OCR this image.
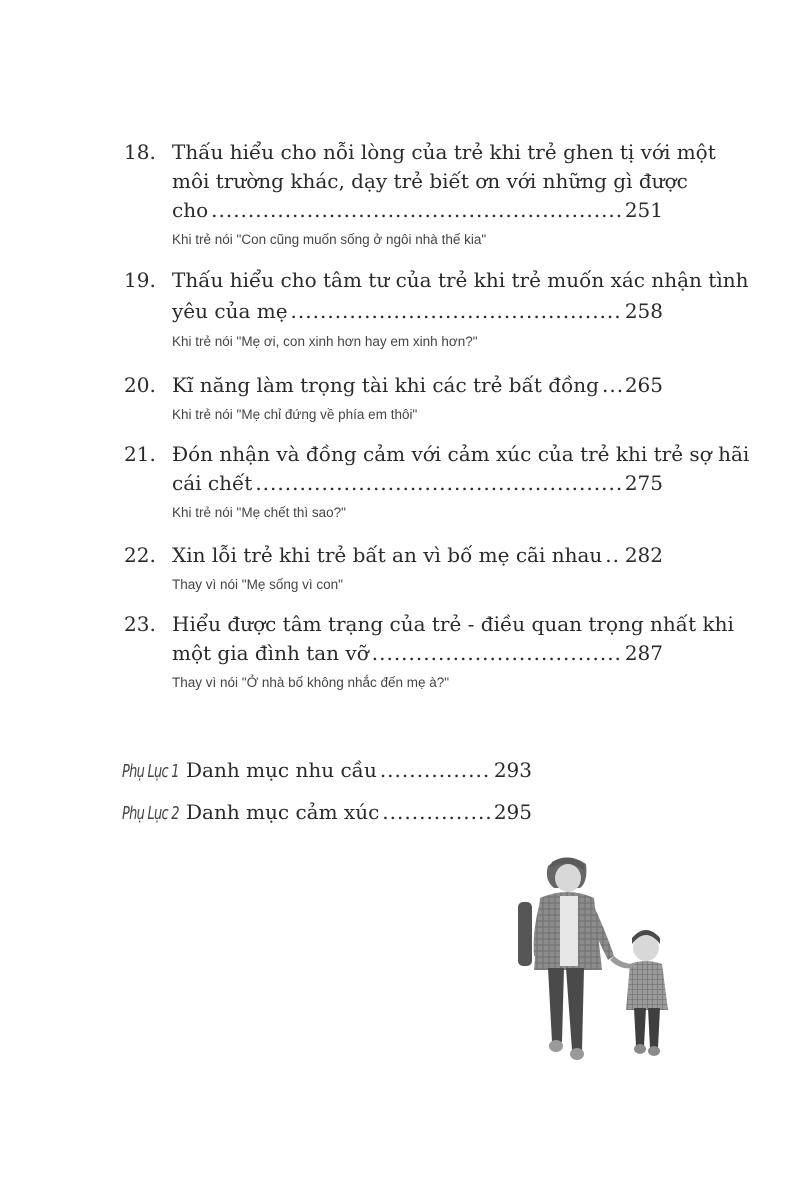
18. Thấu hiểu cho nỗi lòng của trẻ khi trẻ ghen tị với một
môi trường khác, dạy trẻ biết ơn với những gì được
cho .....	251
Khi trẻ nói "Con cũng muốn sống ở ngôi nhà thế kia"
19. Thấu hiểu cho tâm tư của trẻ khi trẻ muốn xác nhận tình
yêu của mẹ .....	258
Khi trẻ nói "Mẹ ơi, con xinh hơn hay em xinh hơn?"
20. Kĩ năng làm trọng tài khi các trẻ bất đồng ..... 265
Khi trẻ nói "Mẹ chỉ đứng về phía em thôi"
21. Đón nhận và đồng cảm với cảm xúc của trẻ khi trẻ sợ hãi
cái chết .....	275
Khi trẻ nói "Mẹ chết thì sao?"
22. Xin lỗi trẻ khi trẻ bất an vì bố mẹ cãi nhau ..... 282
Thay vì nói "Mẹ sống vì con"
23. Hiểu được tâm trạng của trẻ - điều quan trọng nhất khi
một gia đình tan vỡ .....	287
Thay vì nói "Ở nhà bố không nhắc đến mẹ à?"
Phụ Lục 1 Danh mục nhu cầu .....	293
Phụ Lục 2 Danh mục cảm xúc .....	295
